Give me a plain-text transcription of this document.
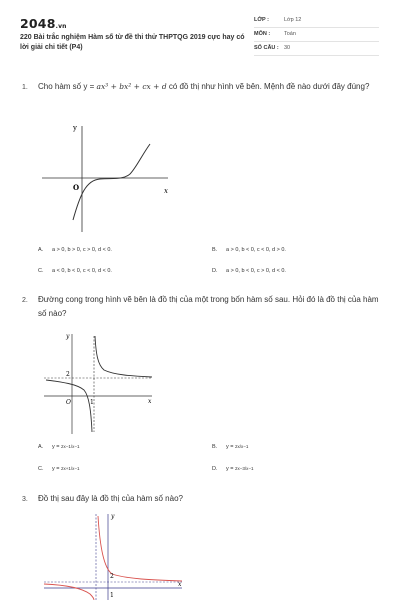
2048.vn
220 Bài trắc nghiệm Hàm số từ đề thi thử THPTQG 2019 cực hay có lời giải chi tiết (P4)
LỚP :	Lớp 12
MÔN :	Toán
SỐ CÂU : 30
1. Cho hàm số y = ax³ + bx² + cx + d có đồ thị như hình vẽ bên. Mệnh đề nào dưới đây đúng?
y
O	x
A. a > 0, b > 0, c > 0, d < 0.	B. a > 0, b < 0, c < 0, d > 0.
C. a < 0, b < 0, c < 0, d < 0.	D. a > 0, b < 0, c > 0, d < 0.
2. Đường cong trong hình vẽ bên là đồ thị của một trong bốn hàm số sau. Hỏi đó là đồ thị của hàm số nào?
y
2
O	1	x
A. y = 2x−1/x−1	B. y = 2x/x−1
C. y = 2x+1/x−1	D. y = 2x−3/x−1
3. Đồ thị sau đây là đồ thị của hàm số nào?
y
2
1
x
